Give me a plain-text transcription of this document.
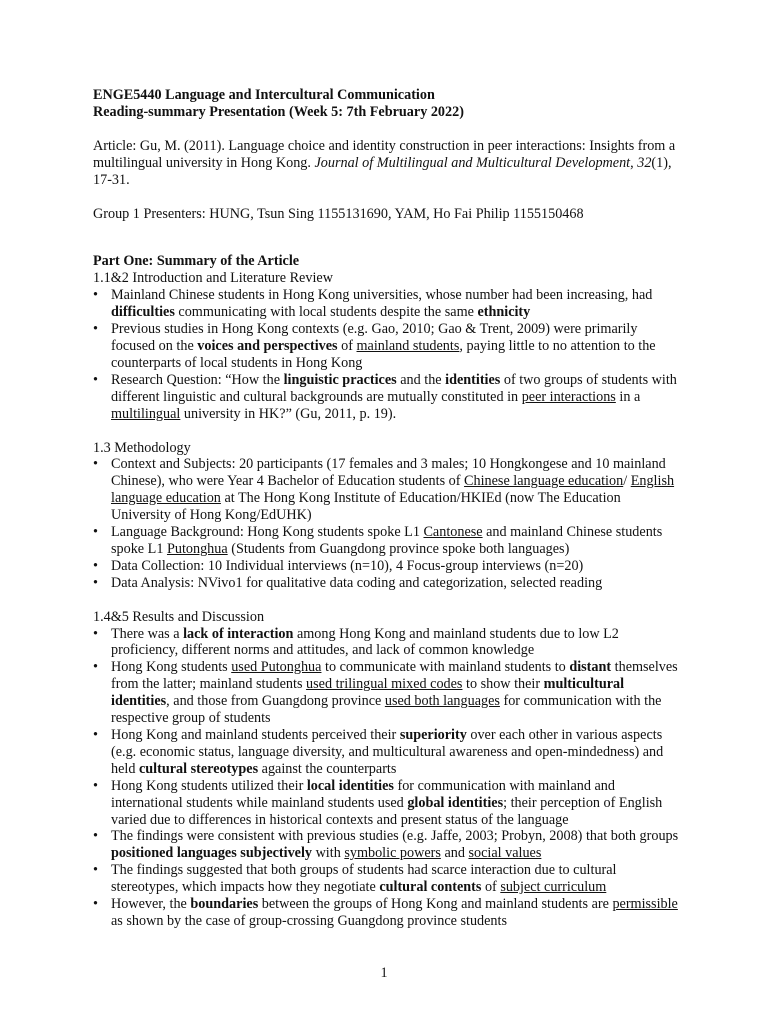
ENGE5440 Language and Intercultural Communication

Reading-summary Presentation (Week 5: 7th February 2022)

Article: Gu, M. (2011). Language choice and identity construction in peer interactions: Insights from a multilingual university in Hong Kong. Journal of Multilingual and Multicultural Development, 32(1), 17-31.

Group 1 Presenters: HUNG, Tsun Sing 1155131690, YAM, Ho Fai Philip 1155150468

Part One: Summary of the Article

1.1&2 Introduction and Literature Review

• Mainland Chinese students in Hong Kong universities, whose number had been increasing, had difficulties communicating with local students despite the same ethnicity
• Previous studies in Hong Kong contexts (e.g. Gao, 2010; Gao & Trent, 2009) were primarily focused on the voices and perspectives of mainland students, paying little to no attention to the counterparts of local students in Hong Kong
• Research Question: “How the linguistic practices and the identities of two groups of students with different linguistic and cultural backgrounds are mutually constituted in peer interactions in a multilingual university in HK?” (Gu, 2011, p. 19).

1.3 Methodology

• Context and Subjects: 20 participants (17 females and 3 males; 10 Hongkongese and 10 mainland Chinese), who were Year 4 Bachelor of Education students of Chinese language education/ English language education at The Hong Kong Institute of Education/HKIEd (now The Education University of Hong Kong/EdUHK)
• Language Background: Hong Kong students spoke L1 Cantonese and mainland Chinese students spoke L1 Putonghua (Students from Guangdong province spoke both languages)
• Data Collection: 10 Individual interviews (n=10), 4 Focus-group interviews (n=20)
• Data Analysis: NVivo1 for qualitative data coding and categorization, selected reading

1.4&5 Results and Discussion

• There was a lack of interaction among Hong Kong and mainland students due to low L2 proficiency, different norms and attitudes, and lack of common knowledge
• Hong Kong students used Putonghua to communicate with mainland students to distant themselves from the latter; mainland students used trilingual mixed codes to show their multicultural identities, and those from Guangdong province used both languages for communication with the respective group of students
• Hong Kong and mainland students perceived their superiority over each other in various aspects (e.g. economic status, language diversity, and multicultural awareness and open-mindedness) and held cultural stereotypes against the counterparts
• Hong Kong students utilized their local identities for communication with mainland and international students while mainland students used global identities; their perception of English varied due to differences in historical contexts and present status of the language
• The findings were consistent with previous studies (e.g. Jaffe, 2003; Probyn, 2008) that both groups positioned languages subjectively with symbolic powers and social values
• The findings suggested that both groups of students had scarce interaction due to cultural stereotypes, which impacts how they negotiate cultural contents of subject curriculum
• However, the boundaries between the groups of Hong Kong and mainland students are permissible as shown by the case of group-crossing Guangdong province students
1
